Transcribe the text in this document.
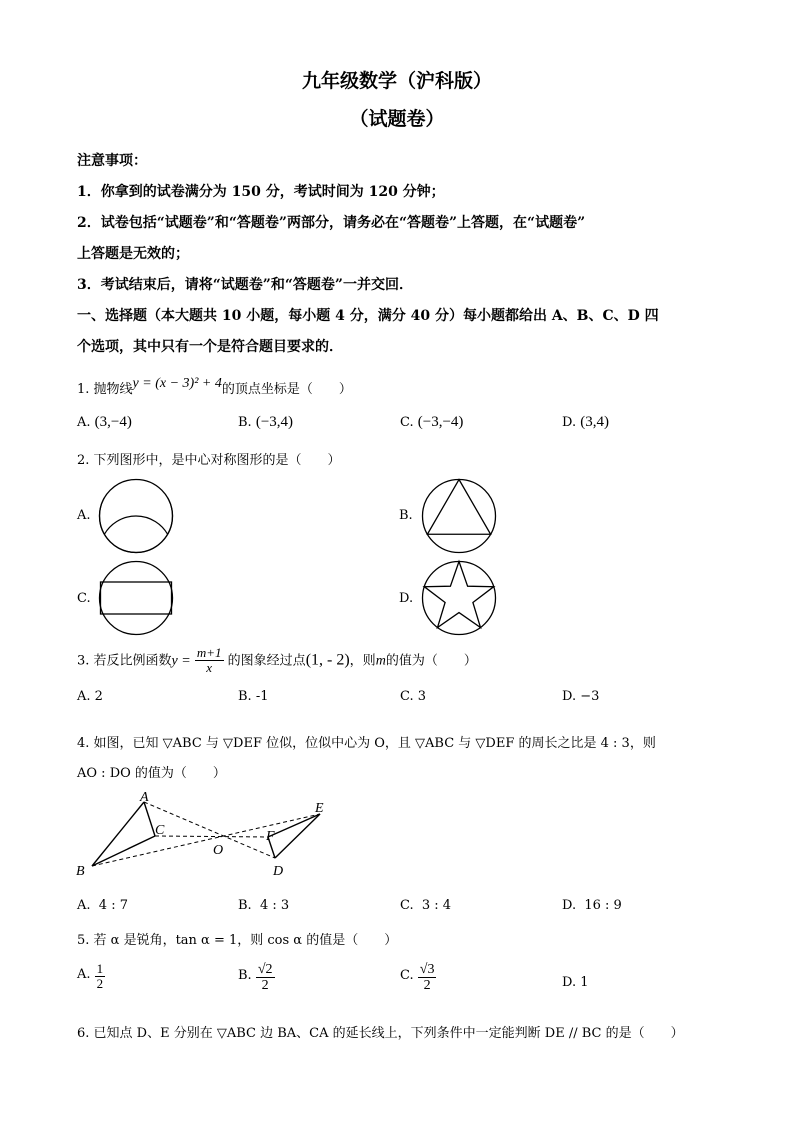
九年级数学（沪科版）
（试题卷）
注意事项：
1．你拿到的试卷满分为 150 分，考试时间为 120 分钟；
2．试卷包括“试题卷”和“答题卷”两部分，请务必在“答题卷”上答题，在“试题卷”
上答题是无效的；
3．考试结束后，请将“试题卷”和“答题卷”一并交回．
一、选择题（本大题共 10 小题，每小题 4 分，满分 40 分）每小题都给出 A、B、C、D 四
个选项，其中只有一个是符合题目要求的．
1. 抛物线y = (x − 3)² + 4的顶点坐标是（　　）
A. (3,−4)	B. (−3,4)	C. (−3,−4)	D. (3,4)
2. 下列图形中，是中心对称图形的是（　　）
A.	B.
C.	D.
3. 若反比例函数$y = \frac{m+1}{x}$ 的图象经过点(1, - 2)，则m的值为（　　）
A. 2	B. -1	C. 3	D. −3
4. 如图，已知 ▽ABC 与 ▽DEF 位似，位似中心为 O，且 ▽ABC 与 ▽DEF 的周长之比是 4 : 3，则
AO : DO 的值为（　　）
A
B
C
O
E
F
D
A. 4 : 7	B. 4 : 3	C. 3 : 4	D. 16 : 9
5. 若 α 是锐角，tan α = 1，则 cos α 的值是（　　）
A. $\frac{1}{2}$	B. $\frac{√2}{2}$	C. $\frac{√3}{2}$	D. 1
6. 已知点 D、E 分别在 ▽ABC 边 BA、CA 的延长线上，下列条件中一定能判断 DE // BC 的是（　　）
